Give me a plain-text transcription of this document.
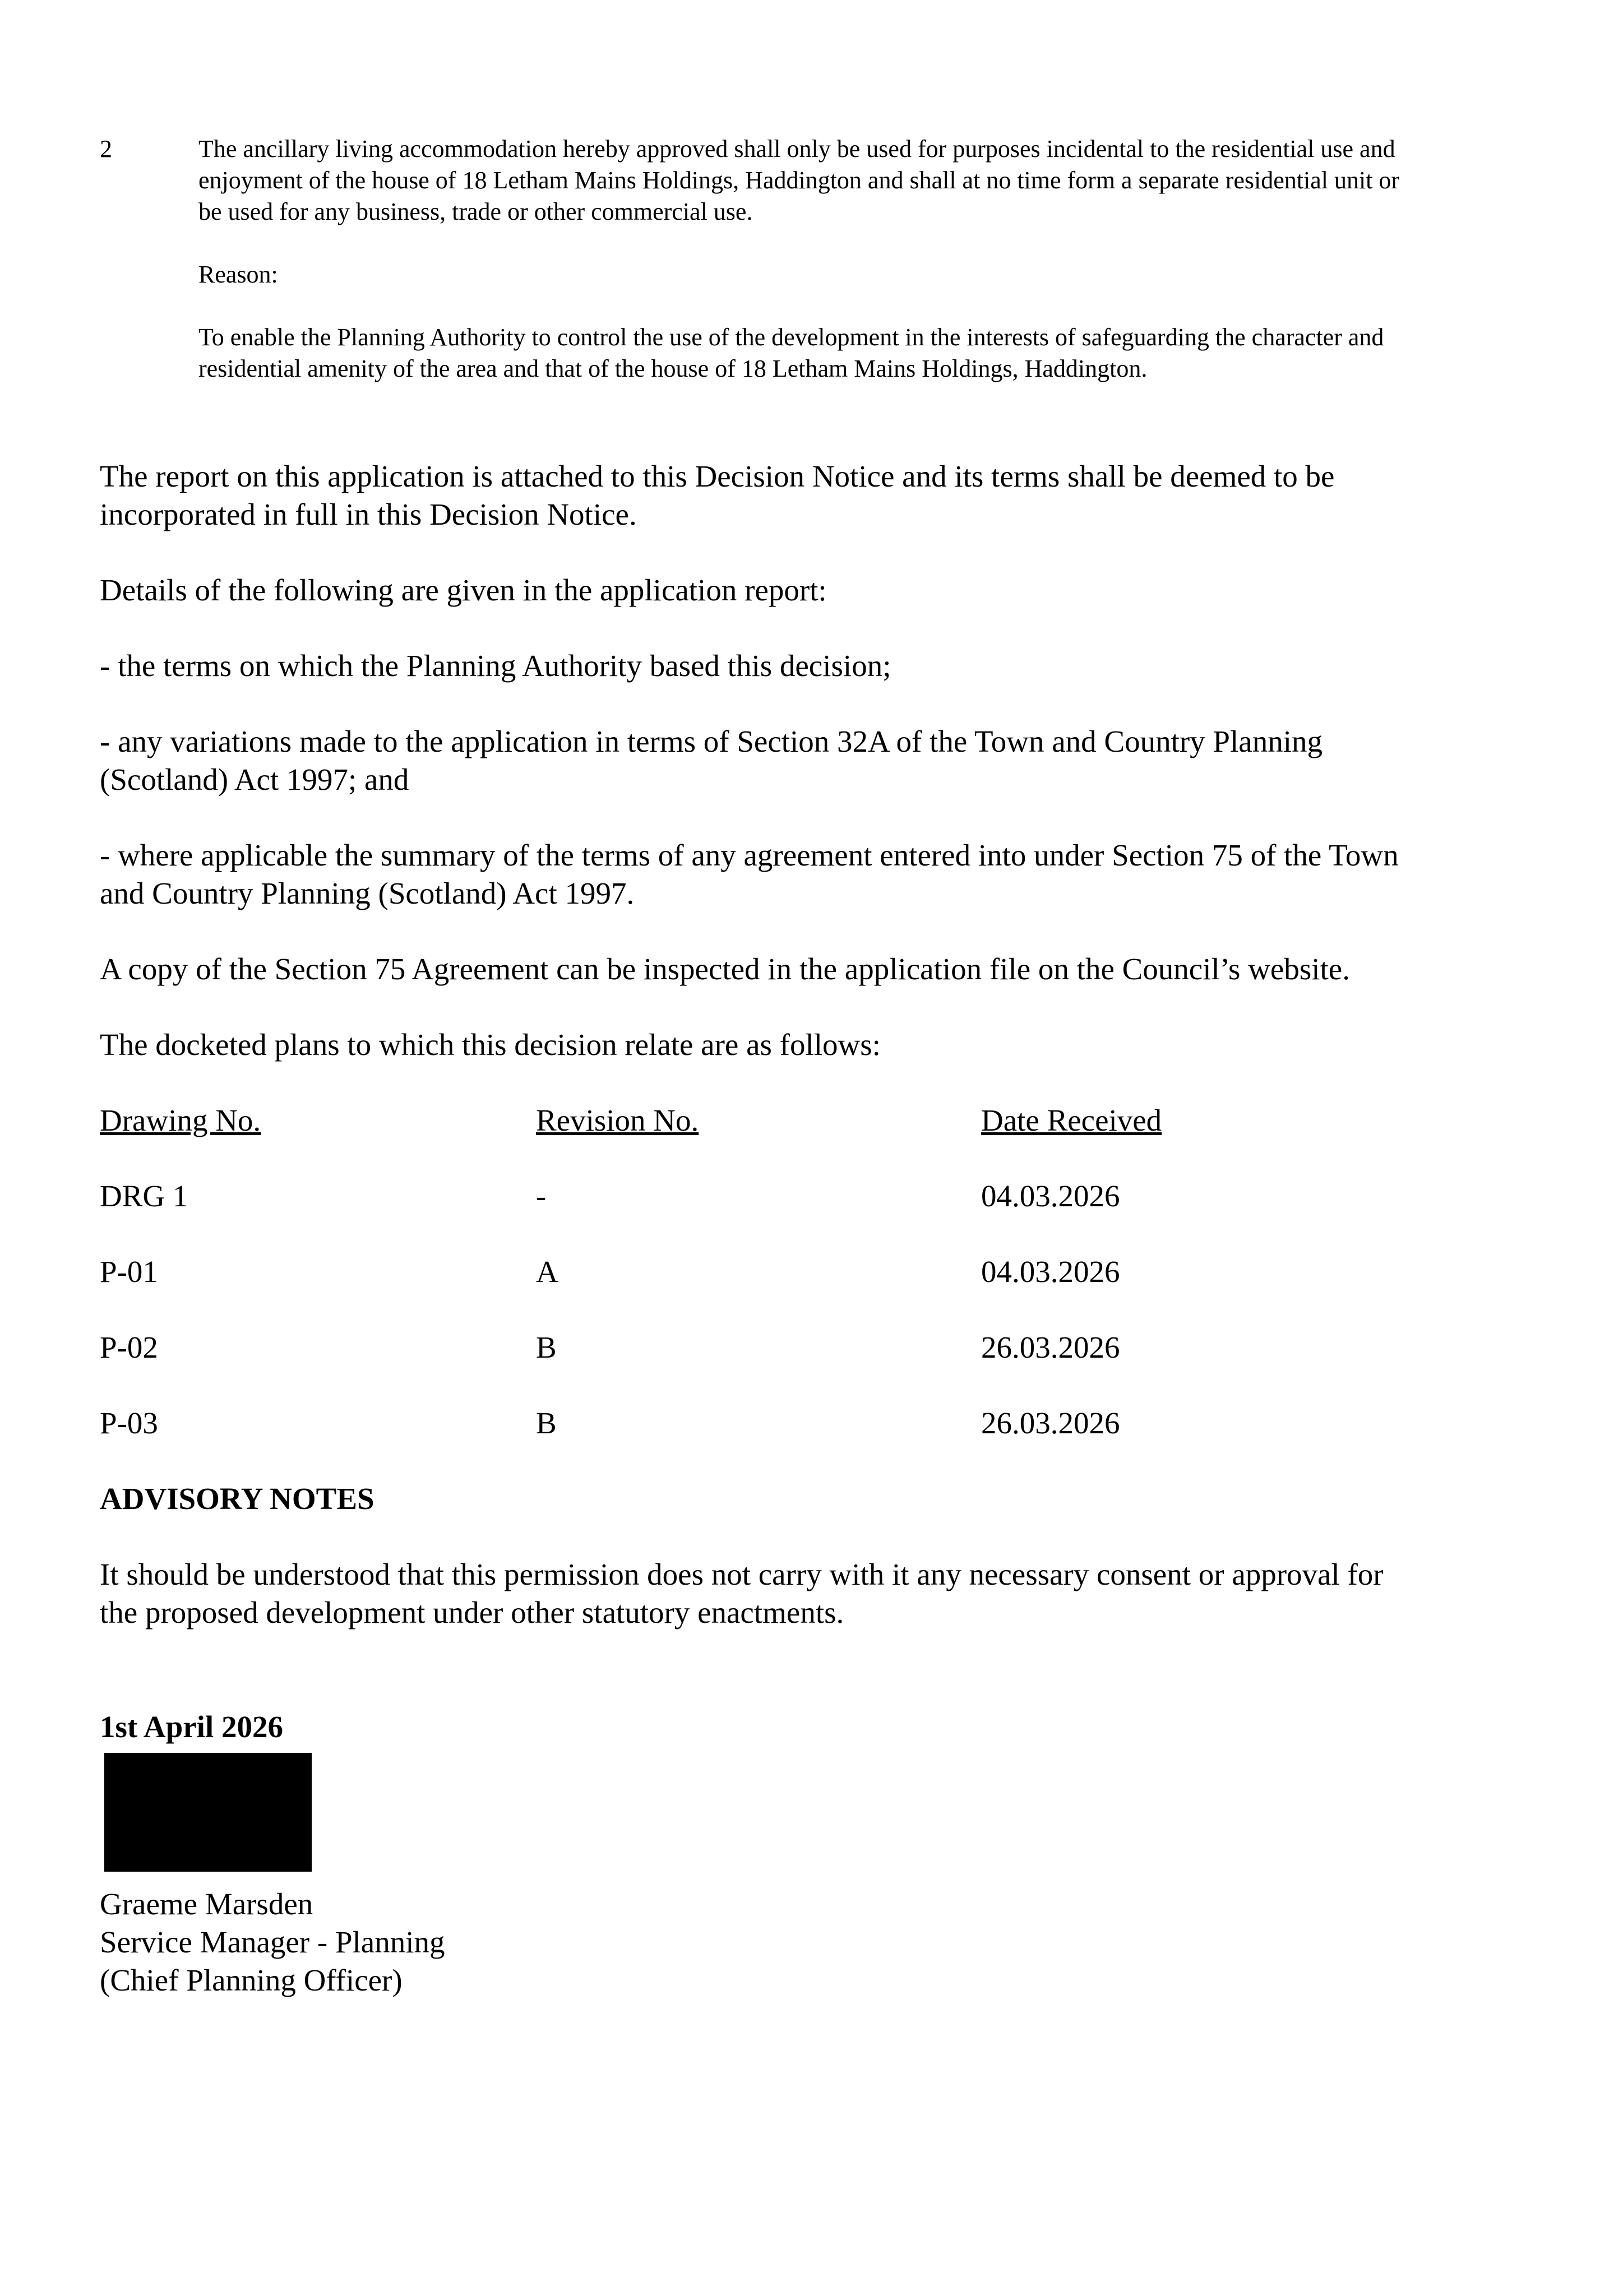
2	The ancillary living accommodation hereby approved shall only be used for purposes incidental to the residential use and enjoyment of the house of 18 Letham Mains Holdings, Haddington and shall at no time form a separate residential unit or be used for any business, trade or other commercial use.

Reason:

To enable the Planning Authority to control the use of the development in the interests of safeguarding the character and residential amenity of the area and that of the house of 18 Letham Mains Holdings, Haddington.

The report on this application is attached to this Decision Notice and its terms shall be deemed to be incorporated in full in this Decision Notice.

Details of the following are given in the application report:

- the terms on which the Planning Authority based this decision;

- any variations made to the application in terms of Section 32A of the Town and Country Planning (Scotland) Act 1997; and

- where applicable the summary of the terms of any agreement entered into under Section 75 of the Town and Country Planning (Scotland) Act 1997.

A copy of the Section 75 Agreement can be inspected in the application file on the Council’s website.

The docketed plans to which this decision relate are as follows:

Drawing No.	Revision No.	Date Received
DRG 1	-	04.03.2026
P-01	A	04.03.2026
P-02	B	26.03.2026
P-03	B	26.03.2026

ADVISORY NOTES

It should be understood that this permission does not carry with it any necessary consent or approval for the proposed development under other statutory enactments.

1st April 2026

Graeme Marsden
Service Manager - Planning
(Chief Planning Officer)
